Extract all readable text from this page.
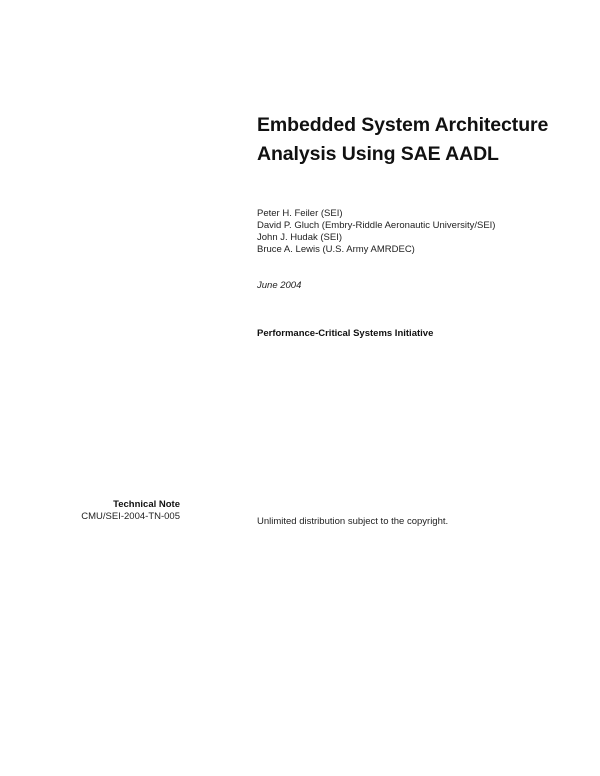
Embedded System Architecture
Analysis Using SAE AADL
Peter H. Feiler (SEI)
David P. Gluch (Embry-Riddle Aeronautic University/SEI)
John J. Hudak (SEI)
Bruce A. Lewis (U.S. Army AMRDEC)
June 2004
Performance-Critical Systems Initiative
Technical Note
CMU/SEI-2004-TN-005	Unlimited distribution subject to the copyright.
